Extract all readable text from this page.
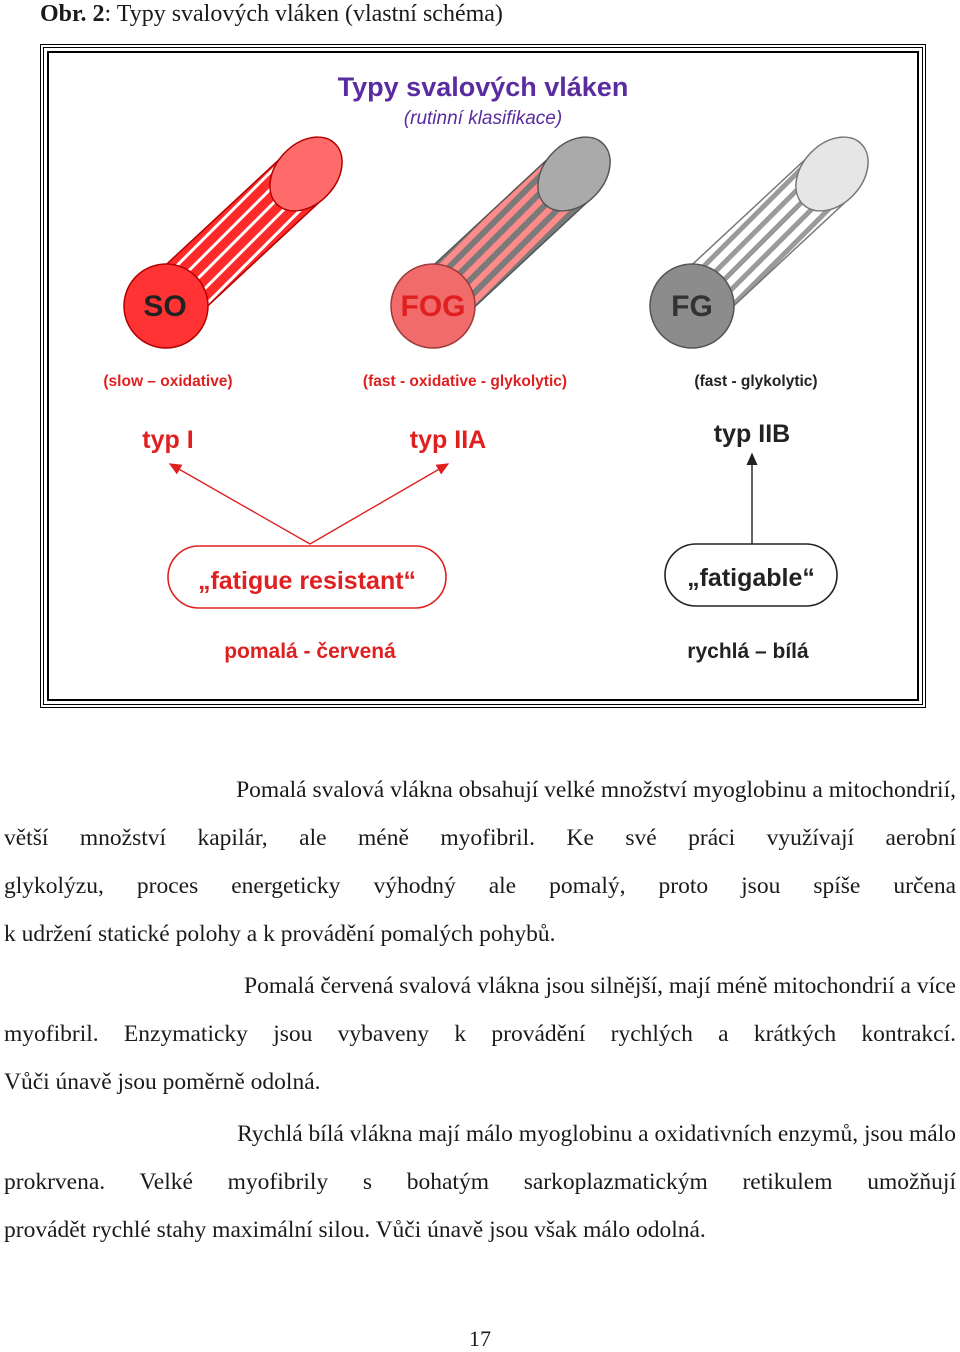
Obr. 2: Typy svalových vláken (vlastní schéma)
Typy svalových vláken
(rutinní klasifikace)
SO	FOG	FG
(slow – oxidative)	(fast - oxidative - glykolytic)	(fast - glykolytic)
typ I	typ IIA	typ IIB
„fatigue resistant“	„fatigable“
pomalá - červená	rychlá – bílá
Pomalá svalová vlákna obsahují velké množství myoglobinu a mitochondrií,
větší množství kapilár, ale méně myofibril. Ke své práci využívají aerobní
glykolýzu, proces energeticky výhodný ale pomalý, proto jsou spíše určena
k udržení statické polohy a k provádění pomalých pohybů.
Pomalá červená svalová vlákna jsou silnější, mají méně mitochondrií a více
myofibril. Enzymaticky jsou vybaveny k provádění rychlých a krátkých kontrakcí.
Vůči únavě jsou poměrně odolná.
Rychlá bílá vlákna mají málo myoglobinu a oxidativních enzymů, jsou málo
prokrvena. Velké myofibrily s bohatým sarkoplazmatickým retikulem umožňují
provádět rychlé stahy maximální silou. Vůči únavě jsou však málo odolná.
17
